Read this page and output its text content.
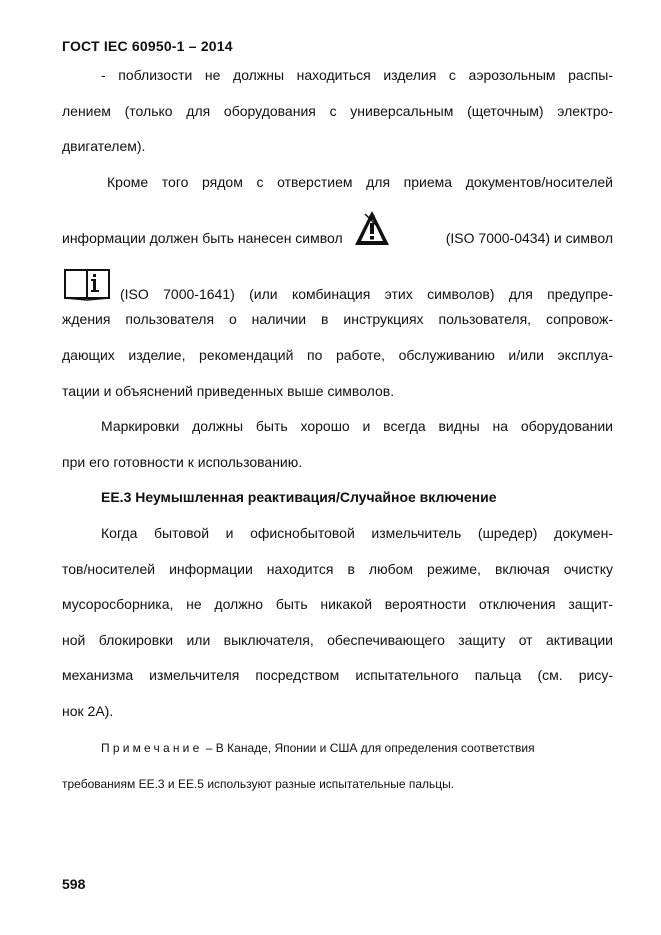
ГОСТ IEC 60950-1 – 2014
- поблизости не должны находиться изделия с аэрозольным распы-
лением (только для оборудования с универсальным (щеточным) электро-
двигателем).
Кроме того рядом с отверстием для приема документов/носителей
информации должен быть нанесен символ	(ISO 7000-0434) и символ
(ISO 7000-1641) (или комбинация этих символов) для предупре-
ждения пользователя о наличии в инструкциях пользователя, сопровож-
дающих изделие, рекомендаций по работе, обслуживанию и/или эксплуа-
тации и объяснений приведенных выше символов.
Маркировки должны быть хорошо и всегда видны на оборудовании
при его готовности к использованию.
ЕЕ.3 Неумышленная реактивация/Случайное включение
Когда бытовой и офиснобытовой измельчитель (шредер) докумен-
тов/носителей информации находится в любом режиме, включая очистку
мусоросборника, не должно быть никакой вероятности отключения защит-
ной блокировки или выключателя, обеспечивающего защиту от активации
механизма измельчителя посредством испытательного пальца (см. рису-
нок 2А).
Примечание – В Канаде, Японии и США для определения соответствия
требованиям ЕЕ.3 и ЕЕ.5 используют разные испытательные пальцы.
598
